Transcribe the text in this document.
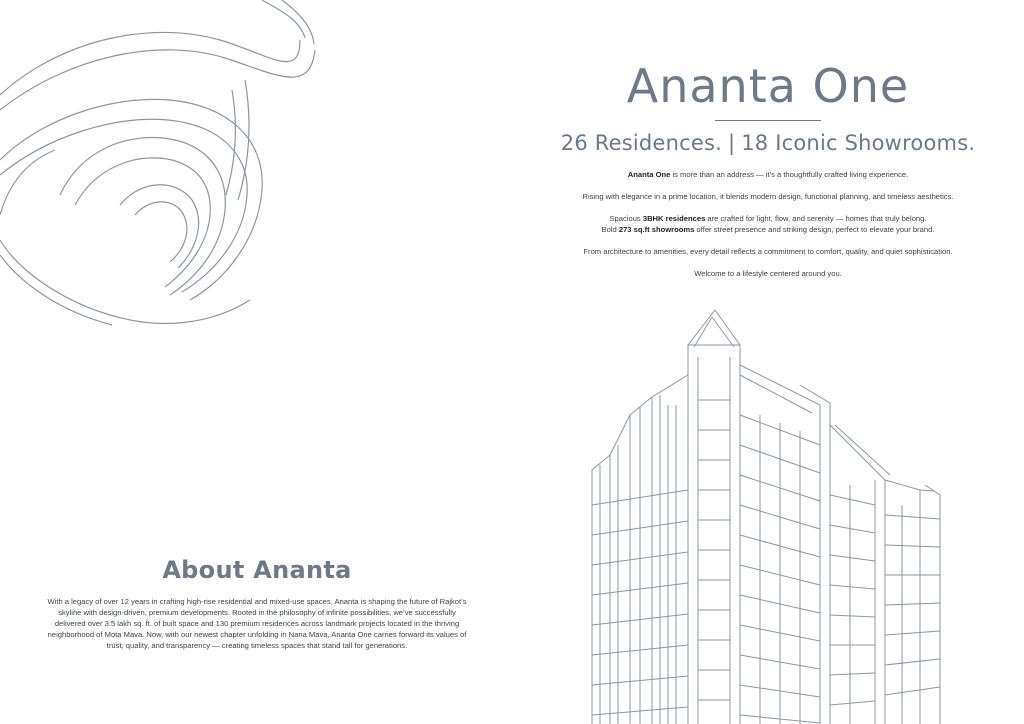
Ananta One
26 Residences. | 18 Iconic Showrooms.

Ananta One is more than an address — it’s a thoughtfully crafted living experience.

Rising with elegance in a prime location, it blends modern design, functional planning, and timeless aesthetics.

Spacious 3BHK residences are crafted for light, flow, and serenity — homes that truly belong.
Bold 273 sq.ft showrooms offer street presence and striking design, perfect to elevate your brand.

From architecture to amenities, every detail reflects a commitment to comfort, quality, and quiet sophistication.

Welcome to a lifestyle centered around you.

About Ananta

With a legacy of over 12 years in crafting high-rise residential and mixed-use spaces, Ananta is shaping the future of Rajkot’s skyline with design-driven, premium developments. Rooted in the philosophy of infinite possibilities, we’ve successfully delivered over 3.5 lakh sq. ft. of built space and 130 premium residences across landmark projects located in the thriving neighborhood of Mota Mava. Now, with our newest chapter unfolding in Nana Mava, Ananta One carries forward its values of trust, quality, and transparency — creating timeless spaces that stand tall for generations.
